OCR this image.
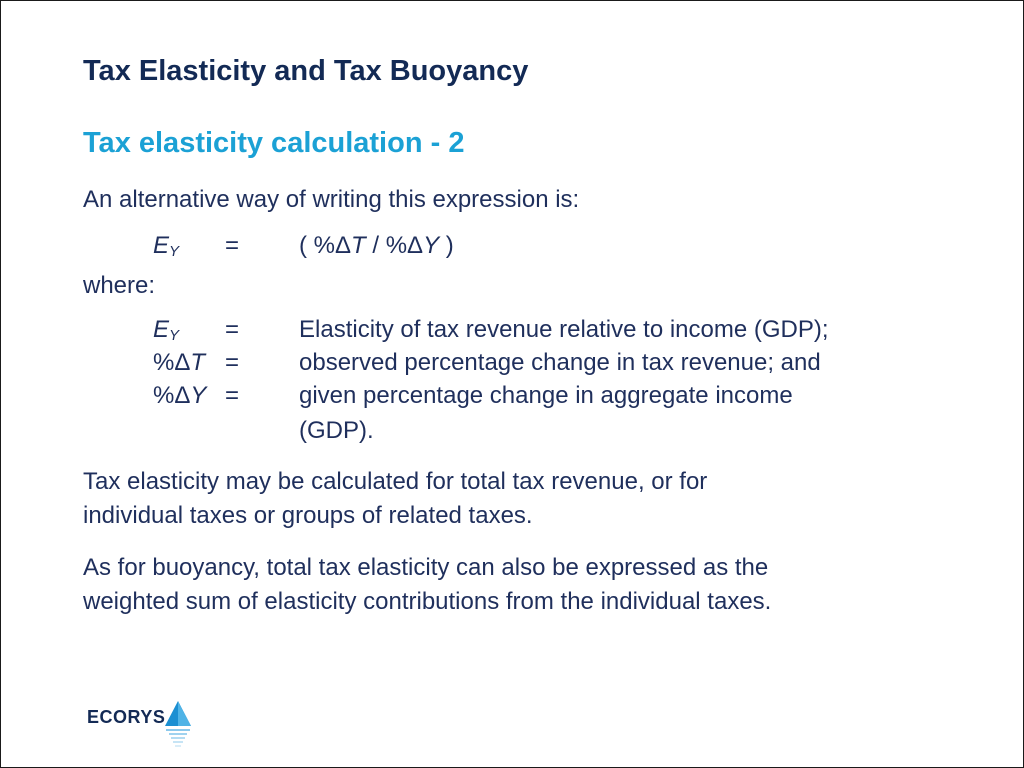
Tax Elasticity and Tax Buoyancy
Tax elasticity calculation - 2
An alternative way of writing this expression is:
$E_Y$ = ( %ΔT / %ΔY )
where:
$E_Y$ = Elasticity of tax revenue relative to income (GDP);
%ΔT = observed percentage change in tax revenue; and
%ΔY = given percentage change in aggregate income
(GDP).
Tax elasticity may be calculated for total tax revenue, or for
individual taxes or groups of related taxes.
As for buoyancy, total tax elasticity can also be expressed as the
weighted sum of elasticity contributions from the individual taxes.
ECORYS
